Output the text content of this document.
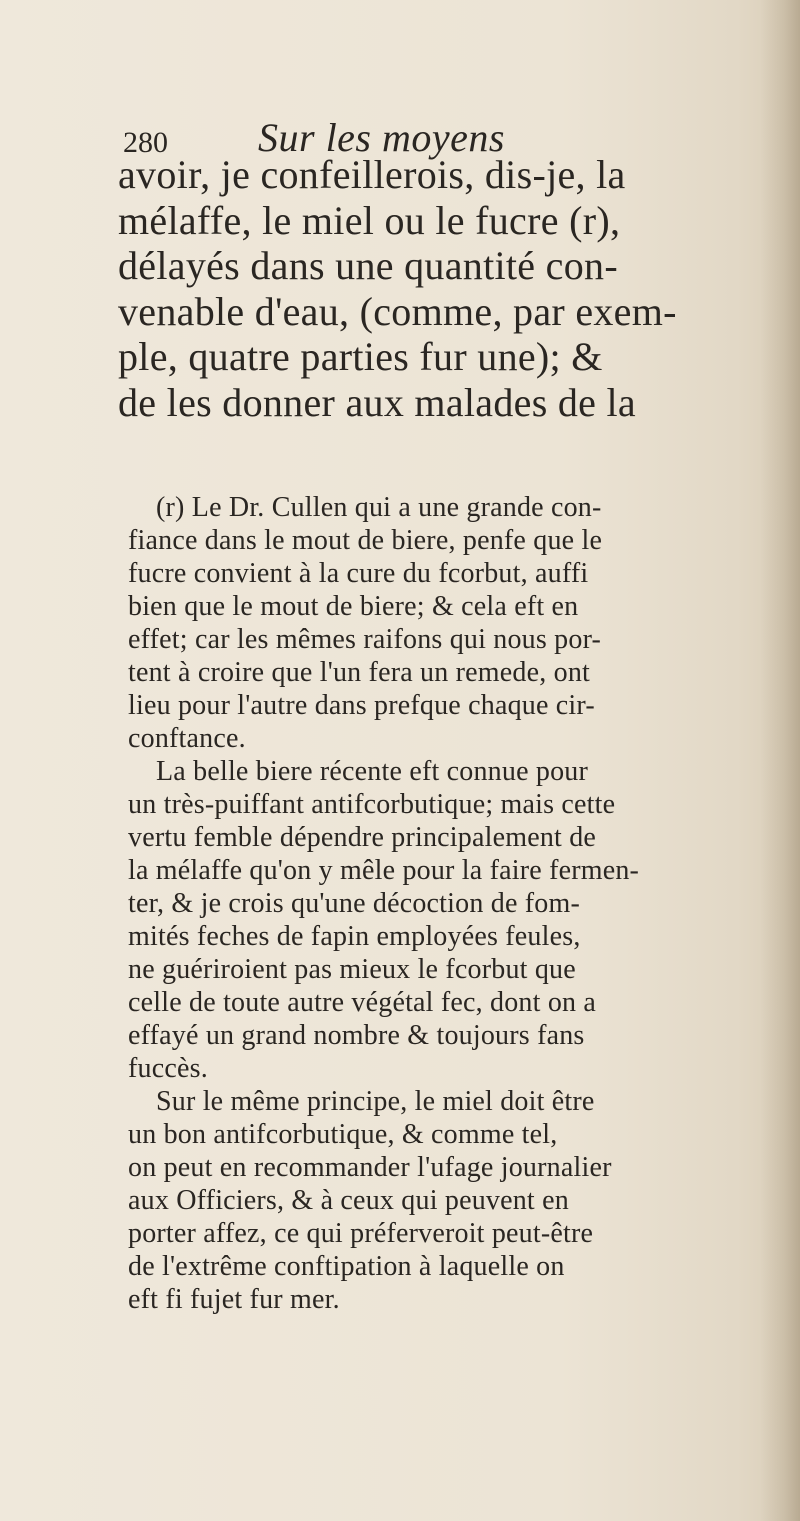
280 Sur les moyens
avoir, je confeillerois, dis-je, la
mélaffe, le miel ou le fucre (r),
délayés dans une quantité con-
venable d'eau, (comme, par exem-
ple, quatre parties fur une); &
de les donner aux malades de la
(r) Le Dr. Cullen qui a une grande con-
fiance dans le mout de biere, penfe que le
fucre convient à la cure du fcorbut, auffi
bien que le mout de biere; & cela eft en
effet; car les mêmes raifons qui nous por-
tent à croire que l'un fera un remede, ont
lieu pour l'autre dans prefque chaque cir-
conftance.
La belle biere récente eft connue pour
un très-puiffant antifcorbutique; mais cette
vertu femble dépendre principalement de
la mélaffe qu'on y mêle pour la faire fermen-
ter, & je crois qu'une décoction de fom-
mités feches de fapin employées feules,
ne guériroient pas mieux le fcorbut que
celle de toute autre végétal fec, dont on a
effayé un grand nombre & toujours fans
fuccès.
Sur le même principe, le miel doit être
un bon antifcorbutique, & comme tel,
on peut en recommander l'ufage journalier
aux Officiers, & à ceux qui peuvent en
porter affez, ce qui préferveroit peut-être
de l'extrême conftipation à laquelle on
eft fi fujet fur mer.
